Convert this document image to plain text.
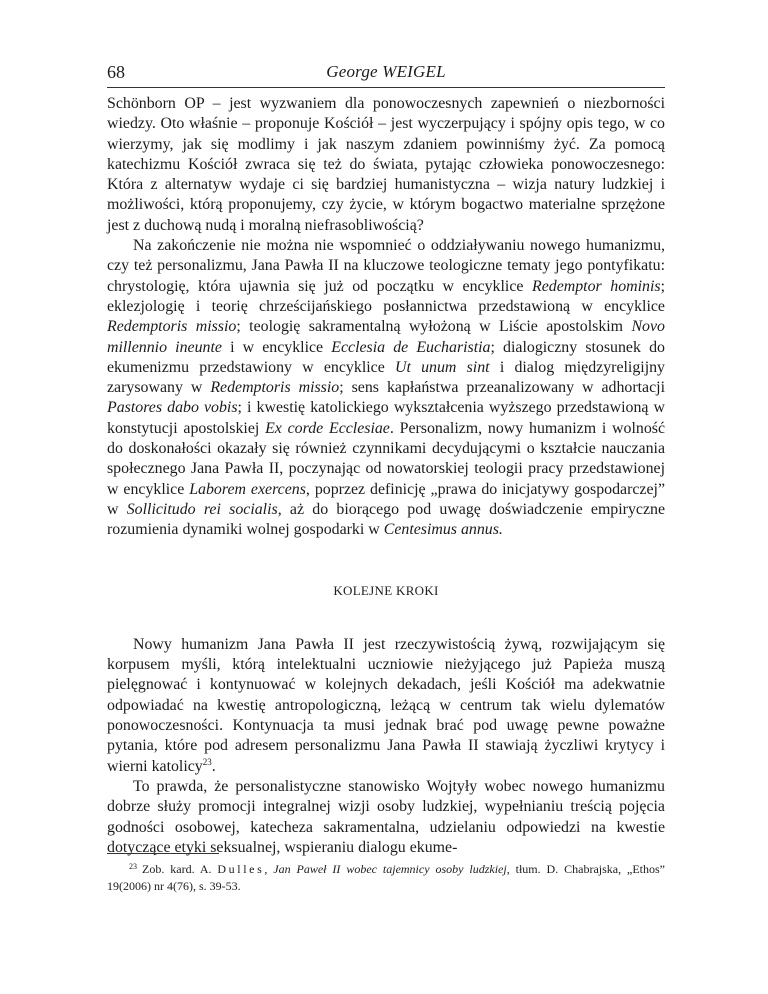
68	George WEIGEL

Schönborn OP – jest wyzwaniem dla ponowoczesnych zapewnień o niezborności wiedzy. Oto właśnie – proponuje Kościół – jest wyczerpujący i spójny opis tego, w co wierzymy, jak się modlimy i jak naszym zdaniem powinniśmy żyć. Za pomocą katechizmu Kościół zwraca się też do świata, pytając człowieka ponowoczesnego: Która z alternatyw wydaje ci się bardziej humanistyczna – wizja natury ludzkiej i możliwości, którą proponujemy, czy życie, w którym bogactwo materialne sprzężone jest z duchową nudą i moralną niefrasobliwością?

Na zakończenie nie można nie wspomnieć o oddziaływaniu nowego humanizmu, czy też personalizmu, Jana Pawła II na kluczowe teologiczne tematy jego pontyfikatu: chrystologię, która ujawnia się już od początku w encyklice Redemptor hominis; eklezjologię i teorię chrześcijańskiego posłannictwa przedstawioną w encyklice Redemptoris missio; teologię sakramentalną wyłożoną w Liście apostolskim Novo millennio ineunte i w encyklice Ecclesia de Eucharistia; dialogiczny stosunek do ekumenizmu przedstawiony w encyklice Ut unum sint i dialog międzyreligijny zarysowany w Redemptoris missio; sens kapłaństwa przeanalizowany w adhortacji Pastores dabo vobis; i kwestię katolickiego wykształcenia wyższego przedstawioną w konstytucji apostolskiej Ex corde Ecclesiae. Personalizm, nowy humanizm i wolność do doskonałości okazały się również czynnikami decydującymi o kształcie nauczania społecznego Jana Pawła II, poczynając od nowatorskiej teologii pracy przedstawionej w encyklice Laborem exercens, poprzez definicję „prawa do inicjatywy gospodarczej” w Sollicitudo rei socialis, aż do biorącego pod uwagę doświadczenie empiryczne rozumienia dynamiki wolnej gospodarki w Centesimus annus.

KOLEJNE KROKI

Nowy humanizm Jana Pawła II jest rzeczywistością żywą, rozwijającym się korpusem myśli, którą intelektualni uczniowie nieżyjącego już Papieża muszą pielęgnować i kontynuować w kolejnych dekadach, jeśli Kościół ma adekwatnie odpowiadać na kwestię antropologiczną, leżącą w centrum tak wielu dylematów ponowoczesności. Kontynuacja ta musi jednak brać pod uwagę pewne poważne pytania, które pod adresem personalizmu Jana Pawła II stawiają życzliwi krytycy i wierni katolicy$^{23}$.

To prawda, że personalistyczne stanowisko Wojtyły wobec nowego humanizmu dobrze służy promocji integralnej wizji osoby ludzkiej, wypełnianiu treścią pojęcia godności osobowej, katecheza sakramentalna, udzielaniu odpowiedzi na kwestie dotyczące etyki seksualnej, wspieraniu dialogu ekume-

23 Zob. kard. A. Dulles, Jan Paweł II wobec tajemnicy osoby ludzkiej, tłum. D. Chabrajska, „Ethos” 19(2006) nr 4(76), s. 39-53.
